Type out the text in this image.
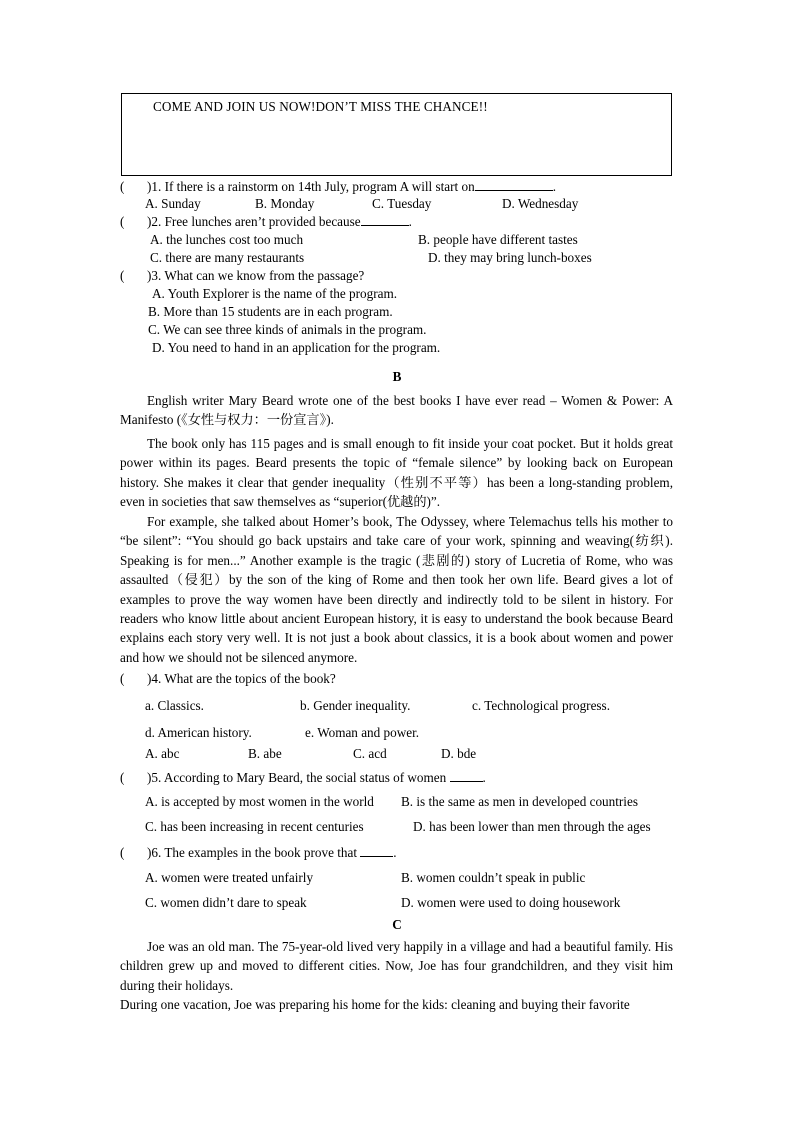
COME AND JOIN US NOW!DON’T MISS THE CHANCE!!
( )1. If there is a rainstorm on 14th July, program A will start on	.
A. Sunday	B. Monday	C. Tuesday	D. Wednesday
( )2. Free lunches aren’t provided because	.
A. the lunches cost too much	B. people have different tastes
C. there are many restaurants	D. they may bring lunch-boxes
( )3. What can we know from the passage?
A. Youth Explorer is the name of the program.
B. More than 15 students are in each program.
C. We can see three kinds of animals in the program.
D. You need to hand in an application for the program.
B
English writer Mary Beard wrote one of the best books I have ever read – Women & Power: A Manifesto (《女性与权力：一份宣言》).
The book only has 115 pages and is small enough to fit inside your coat pocket. But it holds great power within its pages. Beard presents the topic of “female silence” by looking back on European history. She makes it clear that gender inequality（性别不平等）has been a long-standing problem, even in societies that saw themselves as “superior(优越的)”.
For example, she talked about Homer’s book, The Odyssey, where Telemachus tells his mother to “be silent”: “You should go back upstairs and take care of your work, spinning and weaving(纺织). Speaking is for men...” Another example is the tragic (悲剧的) story of Lucretia of Rome, who was assaulted（侵犯）by the son of the king of Rome and then took her own life. Beard gives a lot of examples to prove the way women have been directly and indirectly told to be silent in history. For readers who know little about ancient European history, it is easy to understand the book because Beard explains each story very well. It is not just a book about classics, it is a book about women and power and how we should not be silenced anymore.
( )4. What are the topics of the book?
a. Classics.	b. Gender inequality.	c. Technological progress.
d. American history.	e. Woman and power.
A. abc	B. abe	C. acd	D. bde
( )5. According to Mary Beard, the social status of women	.
A. is accepted by most women in the world B. is the same as men in developed countries
C. has been increasing in recent centuries	D. has been lower than men through the ages
( )6. The examples in the book prove that	.
A. women were treated unfairly	B. women couldn’t speak in public
C. women didn’t dare to speak	D. women were used to doing housework
C
Joe was an old man. The 75-year-old lived very happily in a village and had a beautiful family. His children grew up and moved to different cities. Now, Joe has four grandchildren, and they visit him during their holidays.
During one vacation, Joe was preparing his home for the kids: cleaning and buying their favorite
